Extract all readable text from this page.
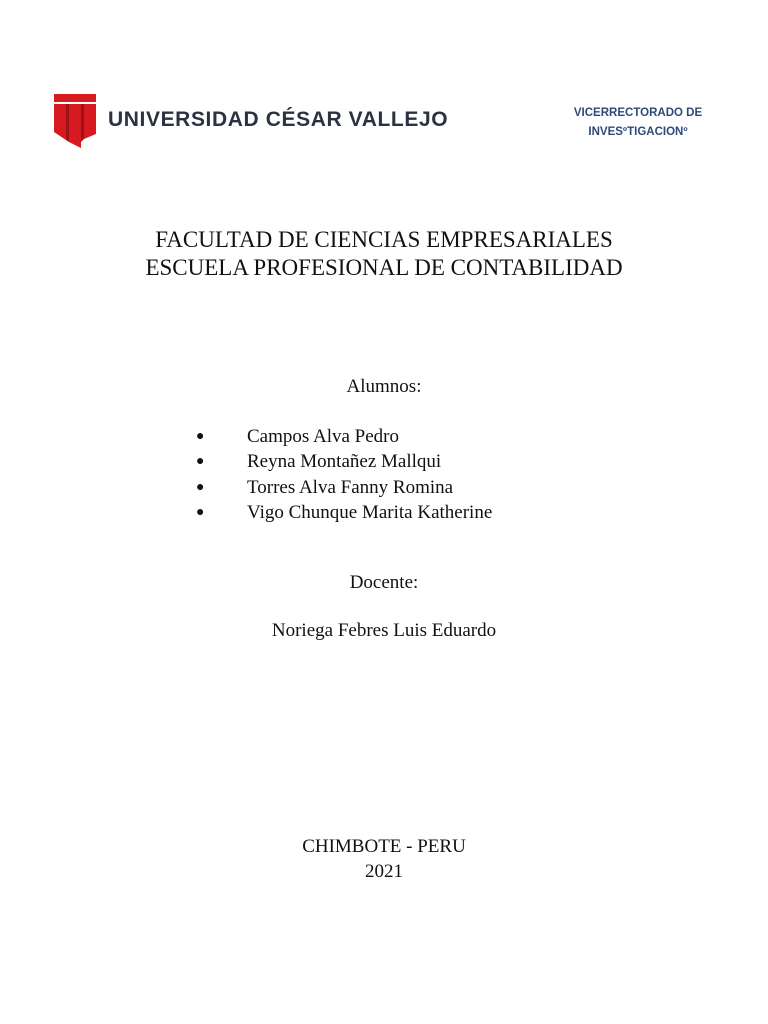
UNIVERSIDAD CÉSAR VALLEJO	VICERRECTORADO DE
INVESºTIGACIONº
FACULTAD DE CIENCIAS EMPRESARIALES
ESCUELA PROFESIONAL DE CONTABILIDAD
Alumnos:
●	Campos Alva Pedro
●	Reyna Montañez Mallqui
●	Torres Alva Fanny Romina
●	Vigo Chunque Marita Katherine
Docente:
Noriega Febres Luis Eduardo
CHIMBOTE - PERU
2021
